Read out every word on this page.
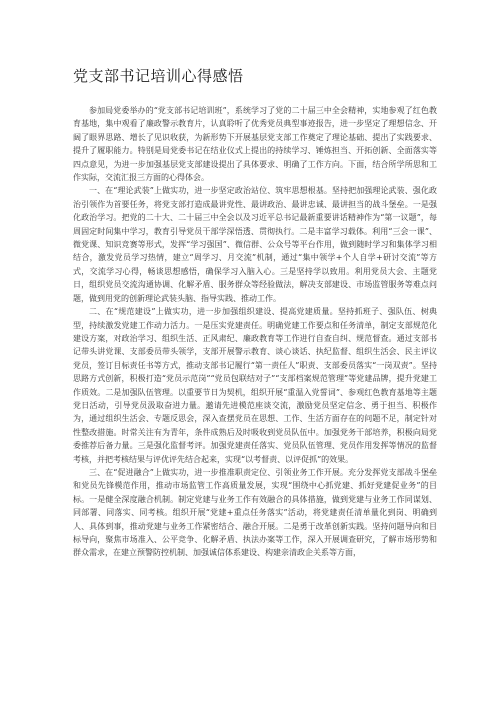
党支部书记培训心得感悟

参加局党委举办的“党支部书记培训班”，系统学习了党的二十届三中全会精神，实地参观了红色教育基地，集中观看了廉政警示教育片，认真聆听了优秀党员典型事迹报告，进一步坚定了理想信念、开阔了眼界思路、增长了见识收获，为新形势下开展基层党支部工作奠定了理论基础、提出了实践要求、提升了履职能力。特别是局党委书记在结业仪式上提出的持续学习、锤炼担当、开拓创新、全面落实等四点意见，为进一步加强基层党支部建设提出了具体要求、明确了工作方向。下面，结合所学所思和工作实际，交流汇报三方面的心得体会。

一、在“理论武装”上做实功，进一步坚定政治站位、筑牢思想根基。坚持把加强理论武装、强化政治引领作为首要任务，将党支部打造成最讲党性、最讲政治、最讲忠诚、最讲担当的战斗堡垒。一是强化政治学习。把党的二十大、二十届三中全会以及习近平总书记最新重要讲话精神作为“第一议题”，每周固定时间集中学习，教育引导党员干部学深悟透、贯彻执行。二是丰富学习载体。利用“三会一课”、微党课、知识竞赛等形式，发挥“学习强国”、微信群、公众号等平台作用，做到随时学习和集体学习相结合，激发党员学习热情，建立“周学习、月交流”机制，通过“集中领学+个人自学+研讨交流”等方式，交流学习心得，畅谈思想感悟，确保学习入脑入心。三是坚持学以致用。利用党员大会、主题党日，组织党员交流沟通协调、化解矛盾、服务群众等经验做法，解决支部建设、市场监管服务等难点问题，做到用党的创新理论武装头脑、指导实践、推动工作。

二、在“规范建设”上做实功，进一步加强组织建设、提高党建质量。坚持抓班子、强队伍、树典型，持续激发党建工作动力活力。一是压实党建责任。明确党建工作要点和任务清单，制定支部规范化建设方案，对政治学习、组织生活、正风肃纪、廉政教育等工作进行自查自纠、规范督查。通过支部书记带头讲党课、支部委员带头领学，支部开展警示教育、谈心谈话、执纪监督、组织生活会、民主评议党员，签订目标责任书等方式，推动支部书记履行“第一责任人”职责、支部委员落实“一岗双责”。坚持思路方式创新，积极打造“党员示范岗”“党员包联结对子”“支部档案规范管理”等党建品牌，提升党建工作质效。二是加强队伍管理。以重要节日为契机，组织开展“重温入党誓词”、参观红色教育基地等主题党日活动，引导党员汲取奋进力量。邀请先进模范座谈交流，激励党员坚定信念、勇于担当、积极作为，通过组织生活会、专题反思会，深入查摆党员在思想、工作、生活方面存在的问题不足，制定针对性整改措施。时常关注有为青年，条件成熟后及时吸收到党员队伍中。加强党务干部培养，积极向局党委推荐后备力量。三是强化监督考评。加强党建责任落实、党员队伍管理、党员作用发挥等情况的监督考核，并把考核结果与评优评先结合起来，实现“以考督责、以评促抓”的效果。

三、在“促进融合”上做实功，进一步推准职责定位、引领业务工作开展。充分发挥党支部战斗堡垒和党员先锋模范作用，推动市场监管工作高质量发展，实现“围绕中心抓党建、抓好党建促业务”的目标。一是健全深度融合机制。制定党建与业务工作有效融合的具体措施，做到党建与业务工作同谋划、同部署、同落实、同考核。组织开展“党建+重点任务落实”活动，将党建责任清单量化到岗、明确到人、具体到事，推动党建与业务工作紧密结合、融合开展。二是勇于改革创新实践。坚持问题导向和目标导向，聚焦市场准入、公平竞争、化解矛盾、执法办案等工作，深入开展调查研究，了解市场形势和群众需求，在建立预警防控机制、加强诚信体系建设、构建亲清政企关系等方面，
